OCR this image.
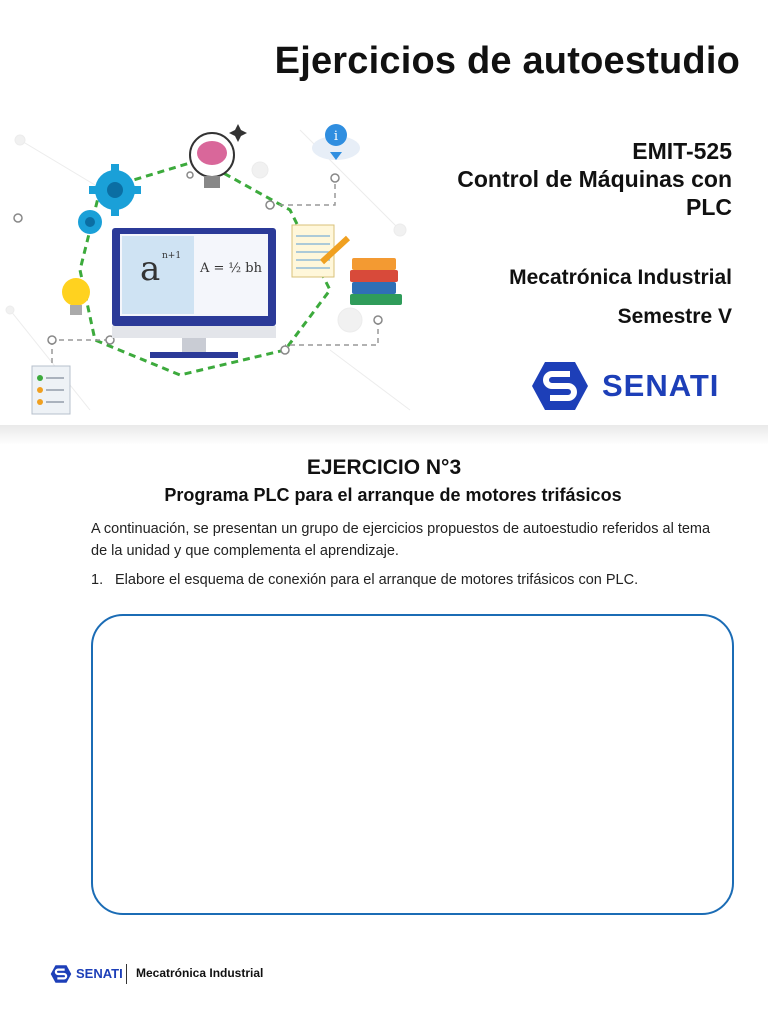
Ejercicios de autoestudio
EMIT-525
Control de Máquinas con
PLC
Mecatrónica Industrial
Semestre V
SENATI
i
a n+1
A = ½ bh
EJERCICIO N°3
Programa PLC para el arranque de motores trifásicos
A continuación, se presentan un grupo de ejercicios propuestos de autoestudio referidos al tema de la unidad y que complementa el aprendizaje.
1. Elabore el esquema de conexión para el arranque de motores trifásicos con PLC.
SENATI Mecatrónica Industrial
